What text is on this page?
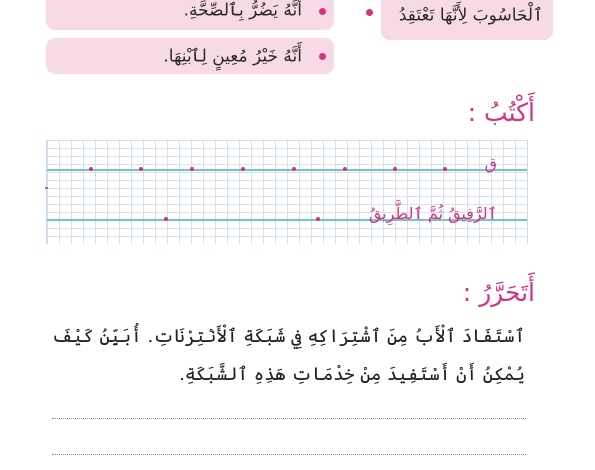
ٱلْحَاسُوبَ لِأَنَّهَا تَعْتَقِدُ
أَنَّهُ يَضُرُّ بِٱلصِّحَّةِ.
أَنَّهُ خَيْرُ مُعِينٍ لِٱبْنِهَا.
أَكْتُبُ :
ق
ٱلرَّفِيقُ ثُمَّ ٱلطَّرِيقُ
أَتَحَرَّرُ :
ٱسْتَفَادَ ٱلْأَبُ مِنَ ٱشْتِرَاكِهِ فِي شَبَكَةِ ٱلْأَنْتِرْنَاتِ. أُبَيِّنُ كَيْفَ يُمْكِنُ أَنْ أَسْتَفِيدَ مِنْ خِدْمَاتِ هَذِهِ ٱلشَّبَكَةِ.
